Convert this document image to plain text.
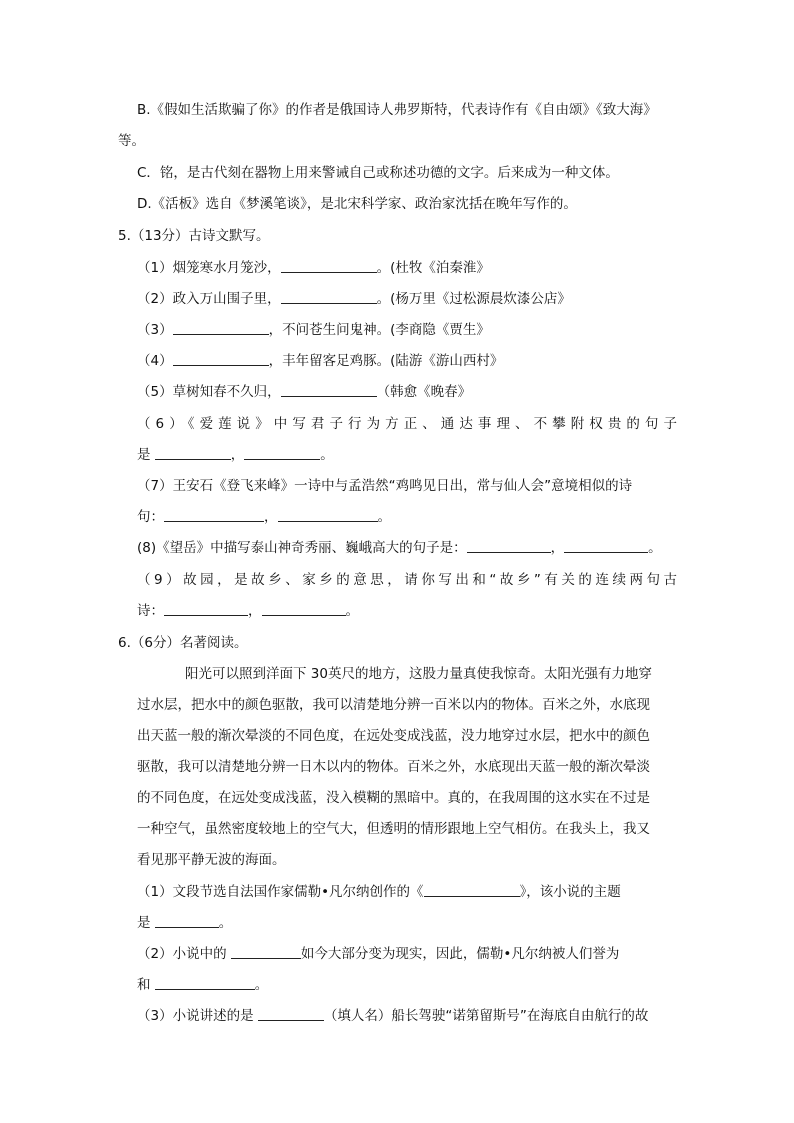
B.《假如生活欺骗了你》的作者是俄国诗人弗罗斯特，代表诗作有《自由颂》《致大海》
等。
C．铭，是古代刻在器物上用来警诫自己或称述功德的文字。后来成为一种文体。
D.《活板》选自《梦溪笔谈》，是北宋科学家、政治家沈括在晚年写作的。
5.（13分）古诗文默写。
（1）烟笼寒水月笼沙，	。(杜牧《泊秦淮》
（2）政入万山围子里，	。(杨万里《过松源晨炊漆公店》
（3）	，不问苍生问鬼神。(李商隐《贾生》
（4）	，丰年留客足鸡豚。(陆游《游山西村》
（5）草树知春不久归，	（韩愈《晚春》
（6）《爱莲说》中写君子行为方正、通达事理、不攀附权贵的句子
是	，	。
（7）王安石《登飞来峰》一诗中与孟浩然“鸡鸣见日出，常与仙人会”意境相似的诗
句：	，	。
(8)《望岳》中描写泰山神奇秀丽、巍峨高大的句子是：	，	。
（9）故园，是故乡、家乡的意思，请你写出和“故乡”有关的连续两句古
诗：	，	。
6.（6分）名著阅读。
阳光可以照到洋面下 30英尺的地方，这股力量真使我惊奇。太阳光强有力地穿
过水层，把水中的颜色驱散，我可以清楚地分辨一百米以内的物体。百米之外，水底现
出天蓝一般的渐次晕淡的不同色度，在远处变成浅蓝，没力地穿过水层，把水中的颜色
驱散，我可以清楚地分辨一日木以内的物体。百米之外，水底现出天蓝一般的渐次晕淡
的不同色度，在远处变成浅蓝，没入模糊的黑暗中。真的，在我周围的这水实在不过是
一种空气，虽然密度较地上的空气大，但透明的情形跟地上空气相仿。在我头上，我又
看见那平静无波的海面。
（1）文段节选自法国作家儒勒•凡尔纳创作的《	》，该小说的主题
是	。
（2）小说中的	如今大部分变为现实，因此，儒勒•凡尔纳被人们誉为
和	。
（3）小说讲述的是	（填人名）船长驾驶“诺第留斯号”在海底自由航行的故
